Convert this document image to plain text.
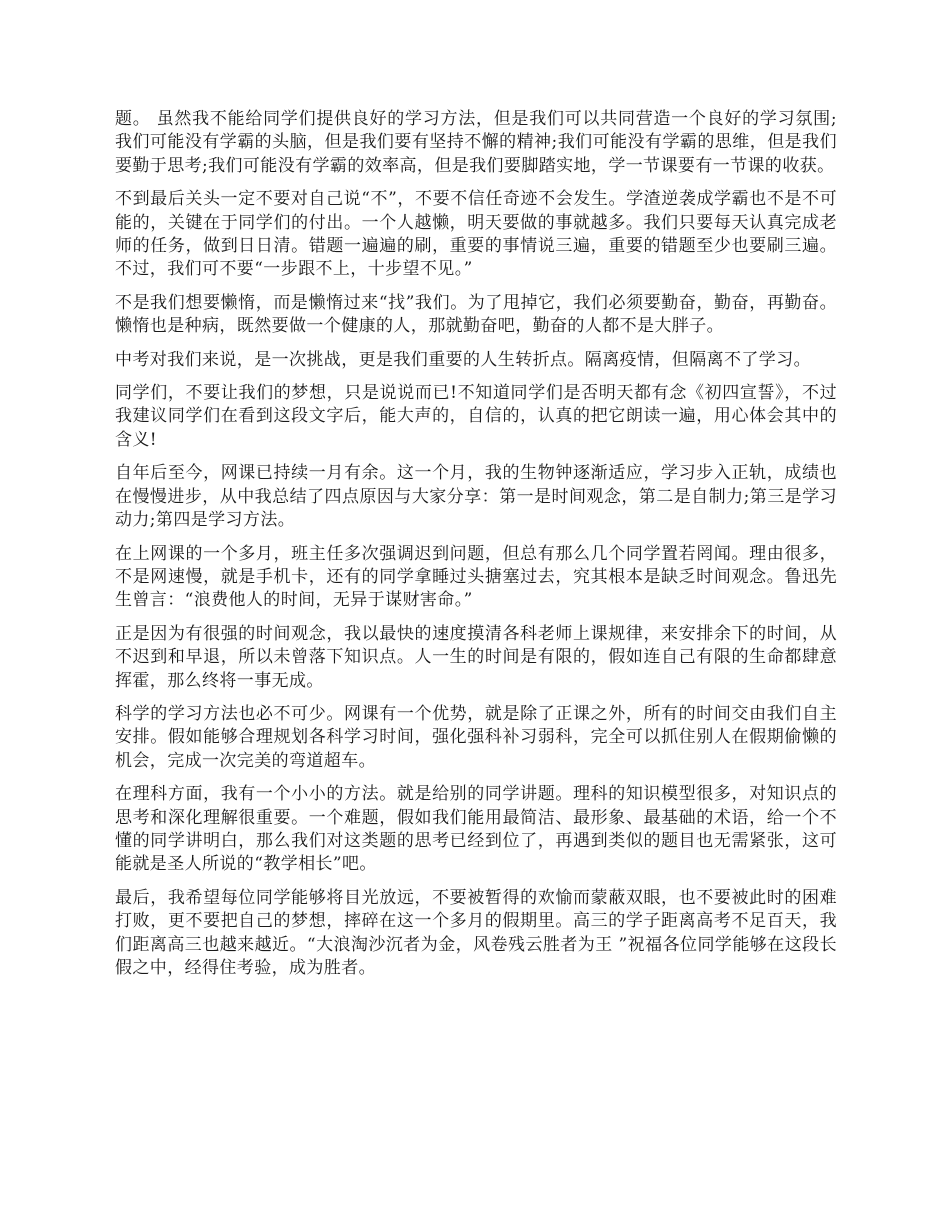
题。 虽然我不能给同学们提供良好的学习方法，但是我们可以共同营造一个良好的学习氛围;我们可能没有学霸的头脑，但是我们要有坚持不懈的精神;我们可能没有学霸的思维，但是我们要勤于思考;我们可能没有学霸的效率高，但是我们要脚踏实地，学一节课要有一节课的收获。

不到最后关头一定不要对自己说“不”，不要不信任奇迹不会发生。学渣逆袭成学霸也不是不可能的，关键在于同学们的付出。一个人越懒，明天要做的事就越多。我们只要每天认真完成老师的任务，做到日日清。错题一遍遍的刷，重要的事情说三遍，重要的错题至少也要刷三遍。不过，我们可不要“一步跟不上，十步望不见。”

不是我们想要懒惰，而是懒惰过来“找”我们。为了甩掉它，我们必须要勤奋，勤奋，再勤奋。懒惰也是种病，既然要做一个健康的人，那就勤奋吧，勤奋的人都不是大胖子。

中考对我们来说，是一次挑战，更是我们重要的人生转折点。隔离疫情，但隔离不了学习。

同学们，不要让我们的梦想，只是说说而已!不知道同学们是否明天都有念《初四宣誓》，不过我建议同学们在看到这段文字后，能大声的，自信的，认真的把它朗读一遍，用心体会其中的含义!

自年后至今，网课已持续一月有余。这一个月，我的生物钟逐渐适应，学习步入正轨，成绩也在慢慢进步，从中我总结了四点原因与大家分享：第一是时间观念，第二是自制力;第三是学习动力;第四是学习方法。

在上网课的一个多月，班主任多次强调迟到问题，但总有那么几个同学置若罔闻。理由很多，不是网速慢，就是手机卡，还有的同学拿睡过头搪塞过去，究其根本是缺乏时间观念。鲁迅先生曾言：“浪费他人的时间，无异于谋财害命。”

正是因为有很强的时间观念，我以最快的速度摸清各科老师上课规律，来安排余下的时间，从不迟到和早退，所以未曾落下知识点。人一生的时间是有限的，假如连自己有限的生命都肆意挥霍，那么终将一事无成。

科学的学习方法也必不可少。网课有一个优势，就是除了正课之外，所有的时间交由我们自主安排。假如能够合理规划各科学习时间，强化强科补习弱科，完全可以抓住别人在假期偷懒的机会，完成一次完美的弯道超车。

在理科方面，我有一个小小的方法。就是给别的同学讲题。理科的知识模型很多，对知识点的思考和深化理解很重要。一个难题，假如我们能用最简洁、最形象、最基础的术语，给一个不懂的同学讲明白，那么我们对这类题的思考已经到位了，再遇到类似的题目也无需紧张，这可能就是圣人所说的“教学相长”吧。

最后，我希望每位同学能够将目光放远，不要被暂得的欢愉而蒙蔽双眼，也不要被此时的困难打败，更不要把自己的梦想，摔碎在这一个多月的假期里。高三的学子距离高考不足百天，我们距离高三也越来越近。“大浪淘沙沉者为金，风卷残云胜者为王 ”祝福各位同学能够在这段长假之中，经得住考验，成为胜者。
